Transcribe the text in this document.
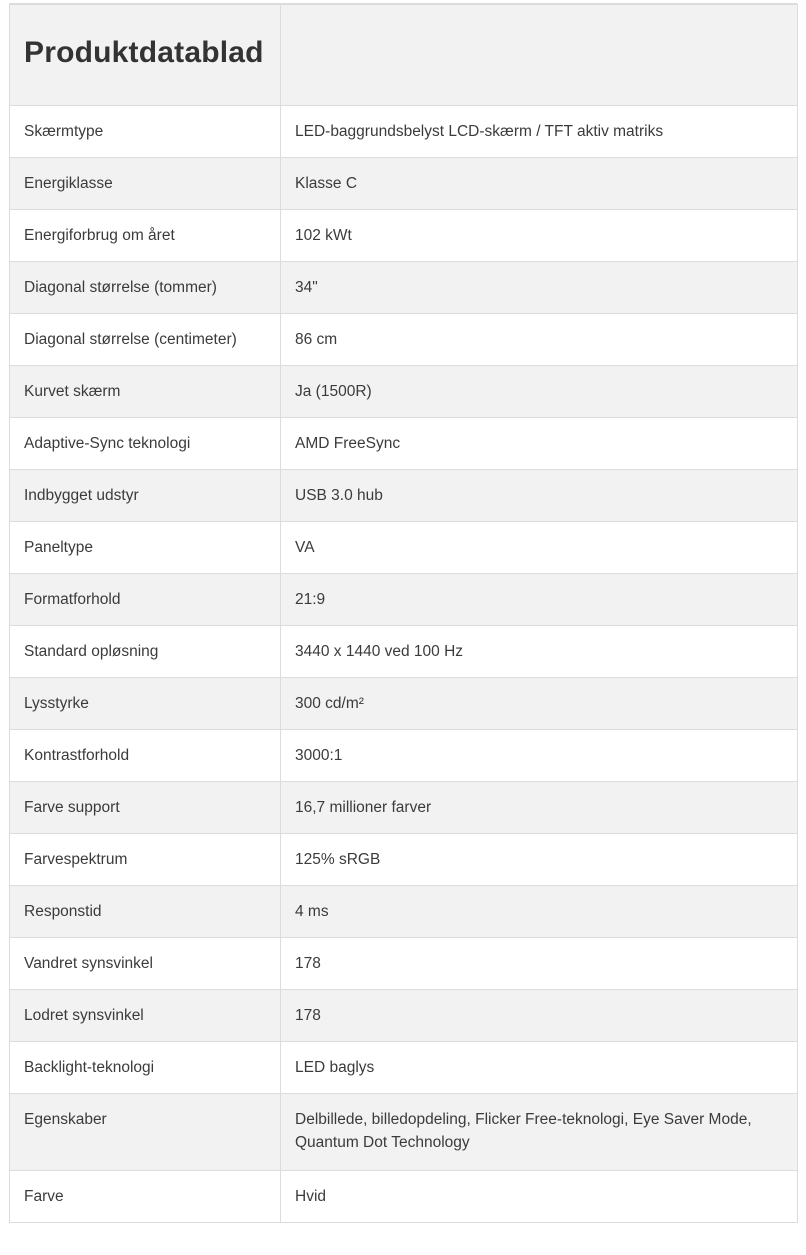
Produktdatablad	
Skærmtype	LED-baggrundsbelyst LCD-skærm / TFT aktiv matriks
Energiklasse	Klasse C
Energiforbrug om året	102 kWt
Diagonal størrelse (tommer)	34"
Diagonal størrelse (centimeter)	86 cm
Kurvet skærm	Ja (1500R)
Adaptive-Sync teknologi	AMD FreeSync
Indbygget udstyr	USB 3.0 hub
Paneltype	VA
Formatforhold	21:9
Standard opløsning	3440 x 1440 ved 100 Hz
Lysstyrke	300 cd/m²
Kontrastforhold	3000:1
Farve support	16,7 millioner farver
Farvespektrum	125% sRGB
Responstid	4 ms
Vandret synsvinkel	178
Lodret synsvinkel	178
Backlight-teknologi	LED baglys
Egenskaber	Delbillede, billedopdeling, Flicker Free-teknologi, Eye Saver Mode, Quantum Dot Technology
Farve	Hvid
